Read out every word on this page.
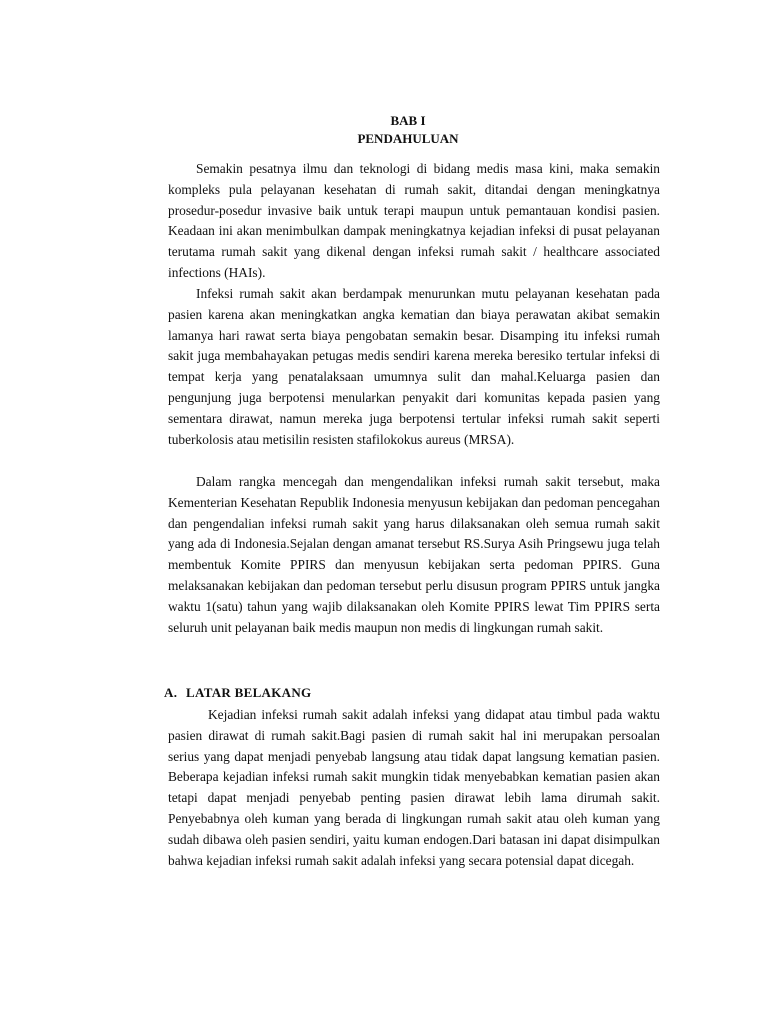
BAB I
PENDAHULUAN

Semakin pesatnya ilmu dan teknologi di bidang medis masa kini, maka semakin kompleks pula pelayanan kesehatan di rumah sakit, ditandai dengan meningkatnya prosedur-posedur invasive baik untuk terapi maupun untuk pemantauan kondisi pasien. Keadaan ini akan menimbulkan dampak meningkatnya kejadian infeksi di pusat pelayanan terutama rumah sakit yang dikenal dengan infeksi rumah sakit / healthcare associated infections (HAIs).

Infeksi rumah sakit akan berdampak menurunkan mutu pelayanan kesehatan pada pasien karena akan meningkatkan angka kematian dan biaya perawatan akibat semakin lamanya hari rawat serta biaya pengobatan semakin besar. Disamping itu infeksi rumah sakit juga membahayakan petugas medis sendiri karena mereka beresiko tertular infeksi di tempat kerja yang penatalaksaan umumnya sulit dan mahal.Keluarga pasien dan pengunjung juga berpotensi menularkan penyakit dari komunitas kepada pasien yang sementara dirawat, namun mereka juga berpotensi tertular infeksi rumah sakit seperti tuberkolosis atau metisilin resisten stafilokokus aureus (MRSA).

Dalam rangka mencegah dan mengendalikan infeksi rumah sakit tersebut, maka Kementerian Kesehatan Republik Indonesia menyusun kebijakan dan pedoman pencegahan dan pengendalian infeksi rumah sakit yang harus dilaksanakan oleh semua rumah sakit yang ada di Indonesia.Sejalan dengan amanat tersebut RS.Surya Asih Pringsewu juga telah membentuk Komite PPIRS dan menyusun kebijakan serta pedoman PPIRS. Guna melaksanakan kebijakan dan pedoman tersebut perlu disusun program PPIRS untuk jangka waktu 1(satu) tahun yang wajib dilaksanakan oleh Komite PPIRS lewat Tim PPIRS serta seluruh unit pelayanan baik medis maupun non medis di lingkungan rumah sakit.

A. LATAR BELAKANG

Kejadian infeksi rumah sakit adalah infeksi yang didapat atau timbul pada waktu pasien dirawat di rumah sakit.Bagi pasien di rumah sakit hal ini merupakan persoalan serius yang dapat menjadi penyebab langsung atau tidak dapat langsung kematian pasien. Beberapa kejadian infeksi rumah sakit mungkin tidak menyebabkan kematian pasien akan tetapi dapat menjadi penyebab penting pasien dirawat lebih lama dirumah sakit. Penyebabnya oleh kuman yang berada di lingkungan rumah sakit atau oleh kuman yang sudah dibawa oleh pasien sendiri, yaitu kuman endogen.Dari batasan ini dapat disimpulkan bahwa kejadian infeksi rumah sakit adalah infeksi yang secara potensial dapat dicegah.
